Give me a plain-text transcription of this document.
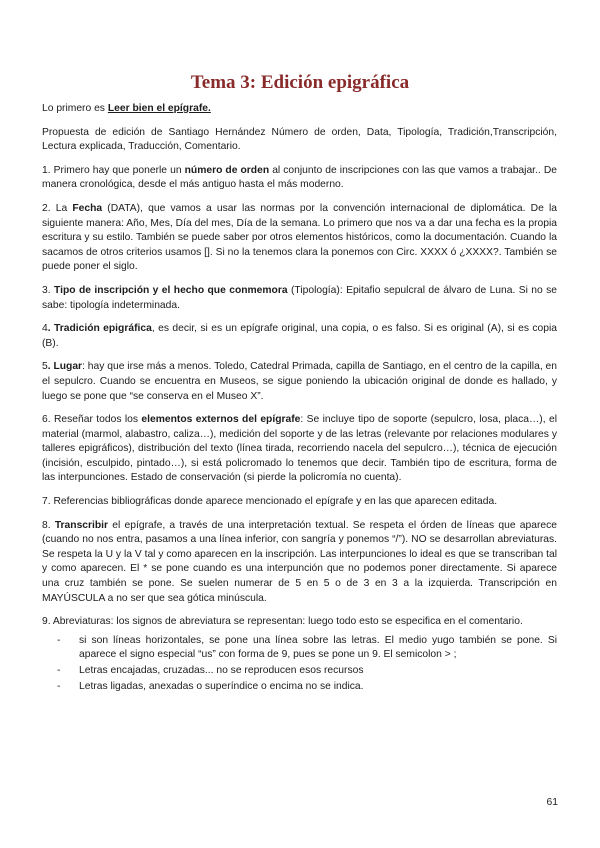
Tema 3: Edición epigráfica

Lo primero es Leer bien el epígrafe.

Propuesta de edición de Santiago Hernández Número de orden, Data, Tipología, Tradición,Transcripción, Lectura explicada, Traducción, Comentario.

1. Primero hay que ponerle un número de orden al conjunto de inscripciones con las que vamos a trabajar.. De manera cronológica, desde el más antiguo hasta el más moderno.

2. La Fecha (DATA), que vamos a usar las normas por la convención internacional de diplomática. De la siguiente manera: Año, Mes, Día del mes, Día de la semana. Lo primero que nos va a dar una fecha es la propia escritura y su estilo. También se puede saber por otros elementos históricos, como la documentación. Cuando la sacamos de otros criterios usamos []. Si no la tenemos clara la ponemos con Circ. XXXX ó ¿XXXX?. También se puede poner el siglo.

3. Tipo de inscripción y el hecho que conmemora (Tipología): Epitafio sepulcral de álvaro de Luna. Si no se sabe: tipología indeterminada.

4. Tradición epigráfica, es decir, si es un epígrafe original, una copia, o es falso. Si es original (A), si es copia (B).

5. Lugar: hay que irse más a menos. Toledo, Catedral Primada, capilla de Santiago, en el centro de la capilla, en el sepulcro. Cuando se encuentra en Museos, se sigue poniendo la ubicación original de donde es hallado, y luego se pone que “se conserva en el Museo X”.

6. Reseñar todos los elementos externos del epígrafe: Se incluye tipo de soporte (sepulcro, losa, placa…), el material (marmol, alabastro, caliza…), medición del soporte y de las letras (relevante por relaciones modulares y talleres epigráficos), distribución del texto (línea tirada, recorriendo nacela del sepulcro…), técnica de ejecución (incisión, esculpido, pintado…), si está policromado lo tenemos que decir. También tipo de escritura, forma de las interpunciones. Estado de conservación (si pierde la policromía no cuenta).

7. Referencias bibliográficas donde aparece mencionado el epígrafe y en las que aparecen editada.

8. Transcribir el epígrafe, a través de una interpretación textual. Se respeta el órden de líneas que aparece (cuando no nos entra, pasamos a una línea inferior, con sangría y ponemos “/”). NO se desarrollan abreviaturas. Se respeta la U y la V tal y como aparecen en la inscripción. Las interpunciones lo ideal es que se transcriban tal y como aparecen. El * se pone cuando es una interpunción que no podemos poner directamente. Si aparece una cruz también se pone. Se suelen numerar de 5 en 5 o de 3 en 3 a la izquierda. Transcripción en MAYÚSCULA a no ser que sea gótica minúscula.

9. Abreviaturas: los signos de abreviatura se representan: luego todo esto se especifica en el comentario.

- si son líneas horizontales, se pone una línea sobre las letras. El medio yugo también se pone. Si aparece el signo especial “us” con forma de 9, pues se pone un 9. El semicolon > ;
- Letras encajadas, cruzadas... no se reproducen esos recursos
- Letras ligadas, anexadas o superíndice o encima no se indica.
61
